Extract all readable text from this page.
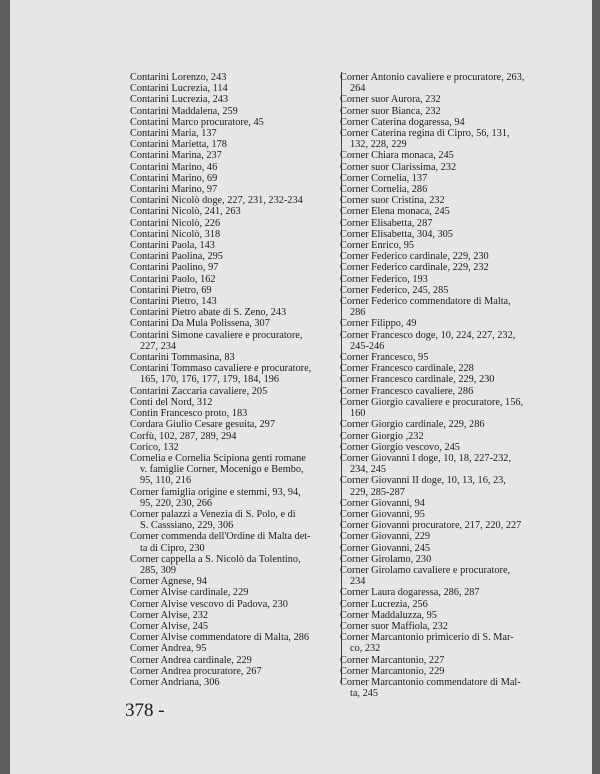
Contarini Lorenzo, 243
Contarini Lucrezia, 114
Contarini Lucrezia, 243
Contarini Maddalena, 259
Contarini Marco procuratore, 45
Contarini Maria, 137
Contarini Marietta, 178
Contarini Marina, 237
Contarini Marino, 46
Contarini Marino, 69
Contarini Marino, 97
Contarini Nicolò doge, 227, 231, 232-234
Contarini Nicolò, 241, 263
Contarini Nicolò, 226
Contarini Nicolò, 318
Contarini Paola, 143
Contarini Paolina, 295
Contarini Paolino, 97
Contarini Paolo, 162
Contarini Pietro, 69
Contarini Pietro, 143
Contarini Pietro abate di S. Zeno, 243
Contarini Da Mula Polissena, 307
Contarini Simone cavaliere e procuratore,
227, 234
Contarini Tommasina, 83
Contarini Tommaso cavaliere e procuratore,
165, 170, 176, 177, 179, 184, 196
Contarini Zaccaria cavaliere, 205
Conti del Nord, 312
Contin Francesco proto, 183
Cordara Giulio Cesare gesuita, 297
Corfù, 102, 287, 289, 294
Corico, 132
Cornelia e Cornelia Scipiona genti romane
v. famiglie Corner, Mocenigo e Bembo,
95, 110, 216
Corner famiglia origine e stemmi, 93, 94,
95, 220, 230, 266
Corner palazzi a Venezia di S. Polo, e di
S. Casssiano, 229, 306
Corner commenda dell'Ordine di Malta det-
ta di Cipro, 230
Corner cappella a S. Nicolò da Tolentino,
285, 309
Corner Agnese, 94
Corner Alvise cardinale, 229
Corner Alvise vescovo di Padova, 230
Corner Alvise, 232
Corner Alvise, 245
Corner Alvise commendatore di Malta, 286
Corner Andrea, 95
Corner Andrea cardinale, 229
Corner Andrea procuratore, 267
Corner Andriana, 306
Corner Antonio cavaliere e procuratore, 263,
264
Corner suor Aurora, 232
Corner suor Bianca, 232
Corner Caterina dogaressa, 94
Corner Caterina regina di Cipro, 56, 131,
132, 228, 229
Corner Chiara monaca, 245
Corner suor Clarissima, 232
Corner Cornelia, 137
Corner Cornelia, 286
Corner suor Cristina, 232
Corner Elena monaca, 245
Corner Elisabetta, 287
Corner Elisabetta, 304, 305
Corner Enrico, 95
Corner Federico cardinale, 229, 230
Corner Federico cardinale, 229, 232
Corner Federico, 193
Corner Federico, 245, 285
Corner Federico commendatore di Malta,
286
Corner Filippo, 49
Corner Francesco doge, 10, 224, 227, 232,
245-246
Corner Francesco, 95
Corner Francesco cardinale, 228
Corner Francesco cardinale, 229, 230
Corner Francesco cavaliere, 286
Corner Giorgio cavaliere e procuratore, 156,
160
Corner Giorgio cardinale, 229, 286
Corner Giorgio ,232
Corner Giorgio vescovo, 245
Corner Giovanni I doge, 10, 18, 227-232,
234, 245
Corner Giovanni II doge, 10, 13, 16, 23,
229, 285-287
Corner Giovanni, 94
Corner Giovanni, 95
Corner Giovanni procuratore, 217, 220, 227
Corner Giovanni, 229
Corner Giovanni, 245
Corner Girolamo, 230
Corner Girolamo cavaliere e procuratore,
234
Corner Laura dogaressa, 286, 287
Corner Lucrezia, 256
Corner Maddaluzza, 95
Corner suor Maffiola, 232
Corner Marcantonio primicerio di S. Mar-
co, 232
Corner Marcantonio, 227
Corner Marcantonio, 229
Corner Marcantonio commendatore di Mal-
ta, 245
378 -
